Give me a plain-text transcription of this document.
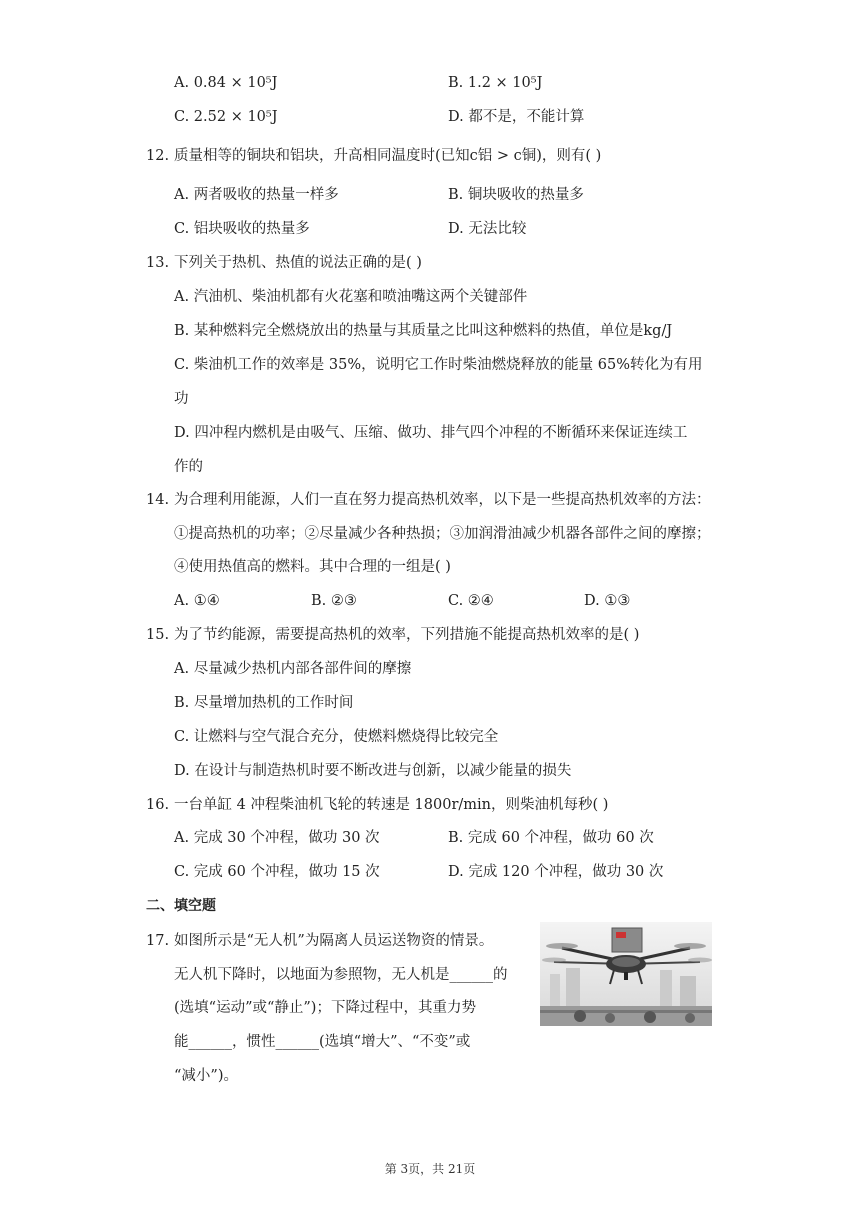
A. 0.84 × 10⁵J	B. 1.2 × 10⁵J
C. 2.52 × 10⁵J	D. 都不是，不能计算
12. 质量相等的铜块和铝块，升高相同温度时(已知c铝 > c铜)，则有( )
A. 两者吸收的热量一样多	B. 铜块吸收的热量多
C. 铝块吸收的热量多	D. 无法比较
13. 下列关于热机、热值的说法正确的是( )
A. 汽油机、柴油机都有火花塞和喷油嘴这两个关键部件
B. 某种燃料完全燃烧放出的热量与其质量之比叫这种燃料的热值，单位是kg/J
C. 柴油机工作的效率是 35%，说明它工作时柴油燃烧释放的能量 65%转化为有用
功
D. 四冲程内燃机是由吸气、压缩、做功、排气四个冲程的不断循环来保证连续工
作的
14. 为合理利用能源，人们一直在努力提高热机效率，以下是一些提高热机效率的方法：
①提高热机的功率；②尽量减少各种热损；③加润滑油减少机器各部件之间的摩擦；
④使用热值高的燃料。其中合理的一组是( )
A. ①④	B. ②③	C. ②④	D. ①③
15. 为了节约能源，需要提高热机的效率，下列措施不能提高热机效率的是( )
A. 尽量减少热机内部各部件间的摩擦
B. 尽量增加热机的工作时间
C. 让燃料与空气混合充分，使燃料燃烧得比较完全
D. 在设计与制造热机时要不断改进与创新，以减少能量的损失
16. 一台单缸 4 冲程柴油机飞轮的转速是 1800r/min，则柴油机每秒( )
A. 完成 30 个冲程，做功 30 次	B. 完成 60 个冲程，做功 60 次
C. 完成 60 个冲程，做功 15 次	D. 完成 120 个冲程，做功 30 次
二、填空题
17. 如图所示是“无人机”为隔离人员运送物资的情景。
无人机下降时，以地面为参照物，无人机是______的
(选填“运动”或“静止”)；下降过程中，其重力势
能______，惯性______(选填“增大”、“不变”或
“减小”)。
第 3页，共 21页
